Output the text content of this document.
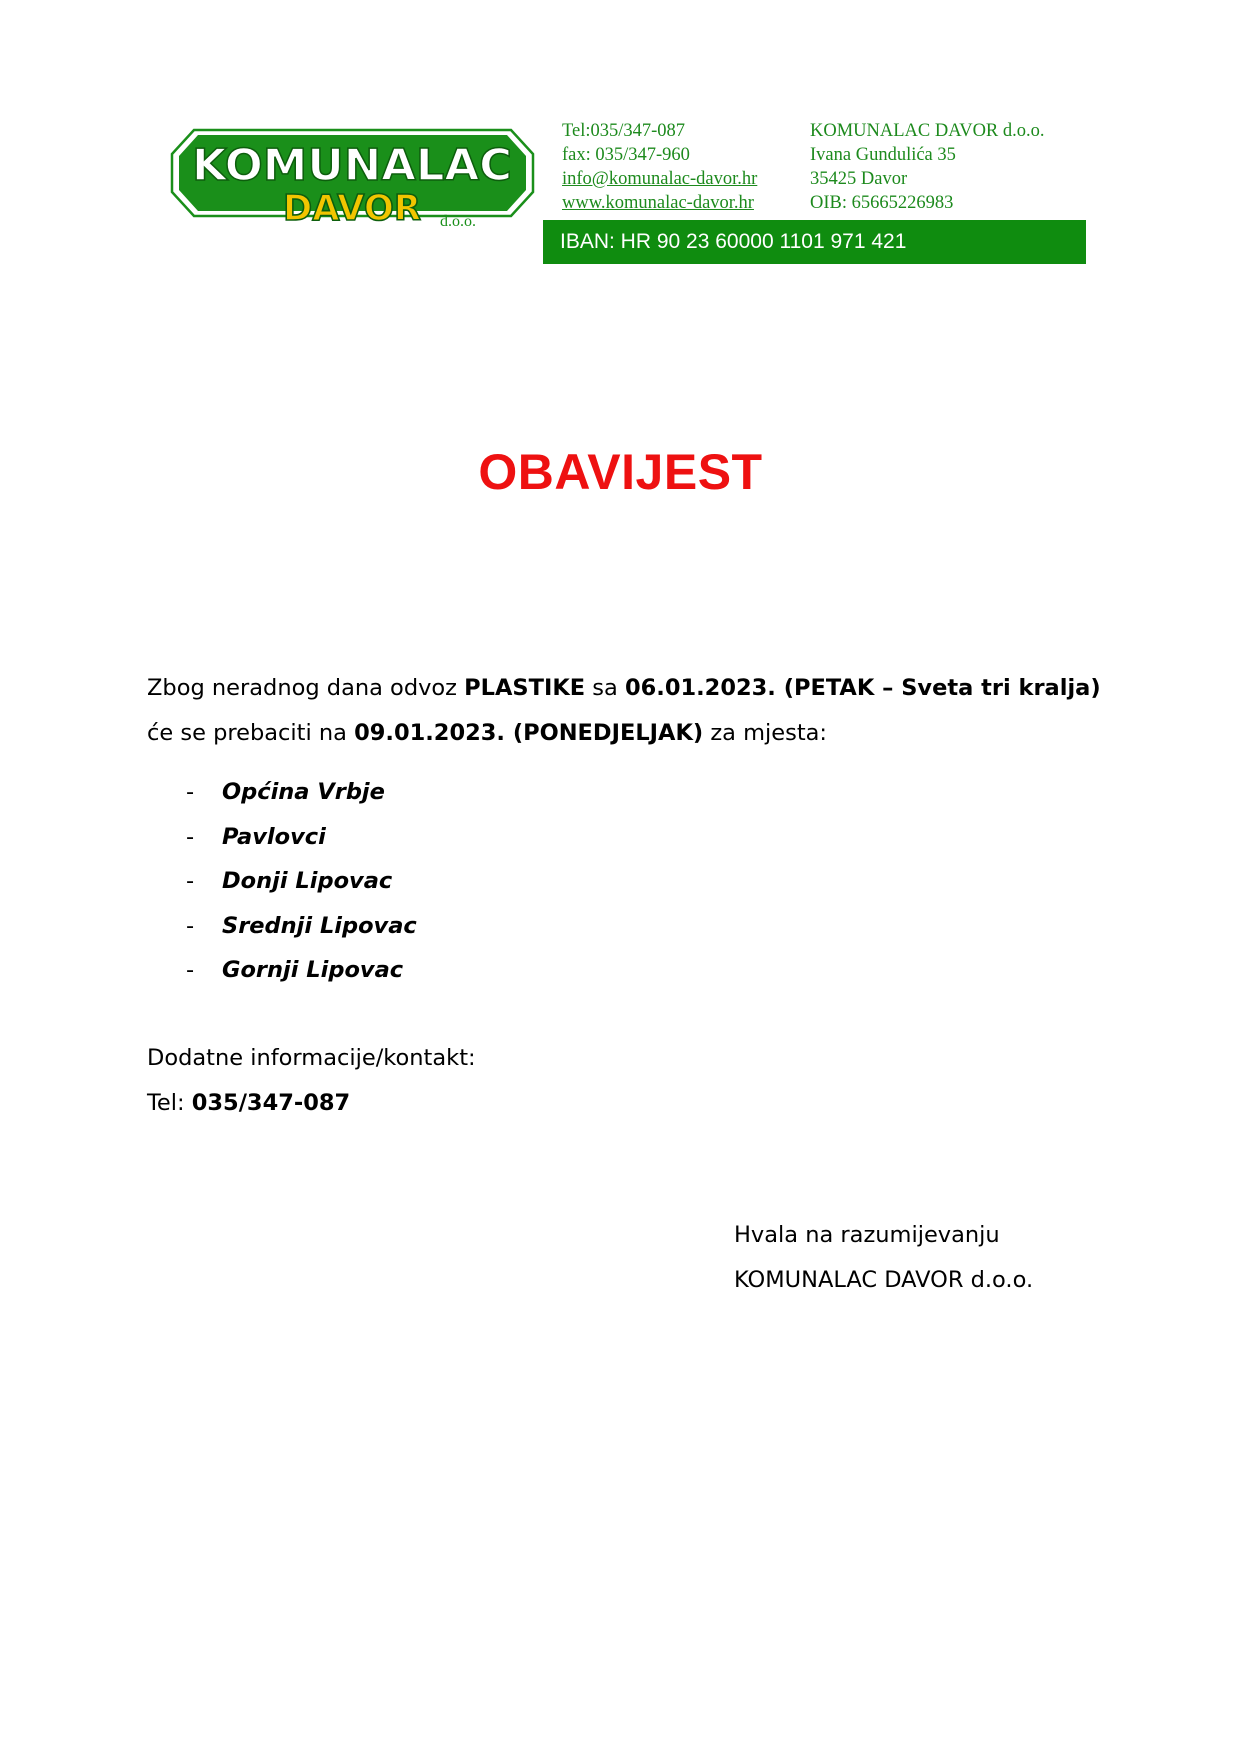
KOMUNALAC
DAVOR d.o.o.
Tel:035/347-087
fax: 035/347-960
info@komunalac-davor.hr
www.komunalac-davor.hr
KOMUNALAC DAVOR d.o.o.
Ivana Gundulića 35
35425 Davor
OIB: 65665226983
IBAN: HR 90 23 60000 1101 971 421
OBAVIJEST
Zbog neradnog dana odvoz PLASTIKE sa 06.01.2023. (PETAK – Sveta tri kralja)
će se prebaciti na 09.01.2023. (PONEDJELJAK) za mjesta:
-	Općina Vrbje
-	Pavlovci
-	Donji Lipovac
-	Srednji Lipovac
-	Gornji Lipovac
Dodatne informacije/kontakt:
Tel: 035/347-087
Hvala na razumijevanju
KOMUNALAC DAVOR d.o.o.
